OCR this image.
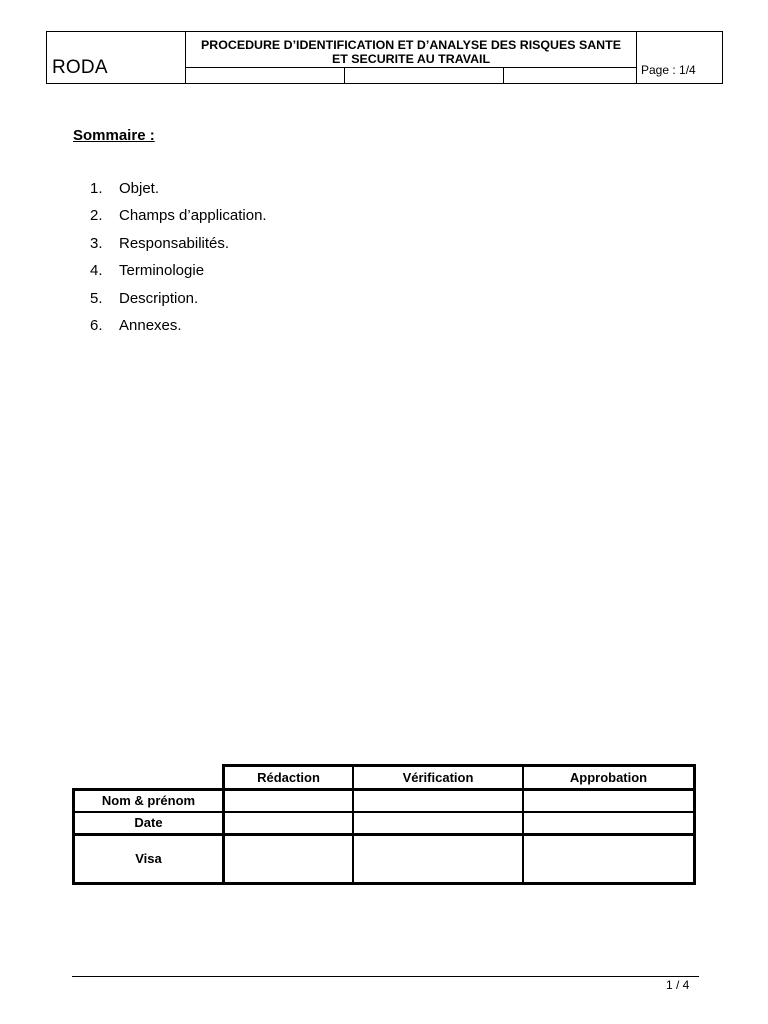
RODA
PROCEDURE D’IDENTIFICATION ET D’ANALYSE DES RISQUES SANTE
ET SECURITE AU TRAVAIL
Page : 1/4
Sommaire :
1.	Objet.
2.	Champs d’application.
3.	Responsabilités.
4.	Terminologie
5.	Description.
6.	Annexes.
Rédaction	Vérification	Approbation
Nom & prénom
Date
Visa
1 / 4
